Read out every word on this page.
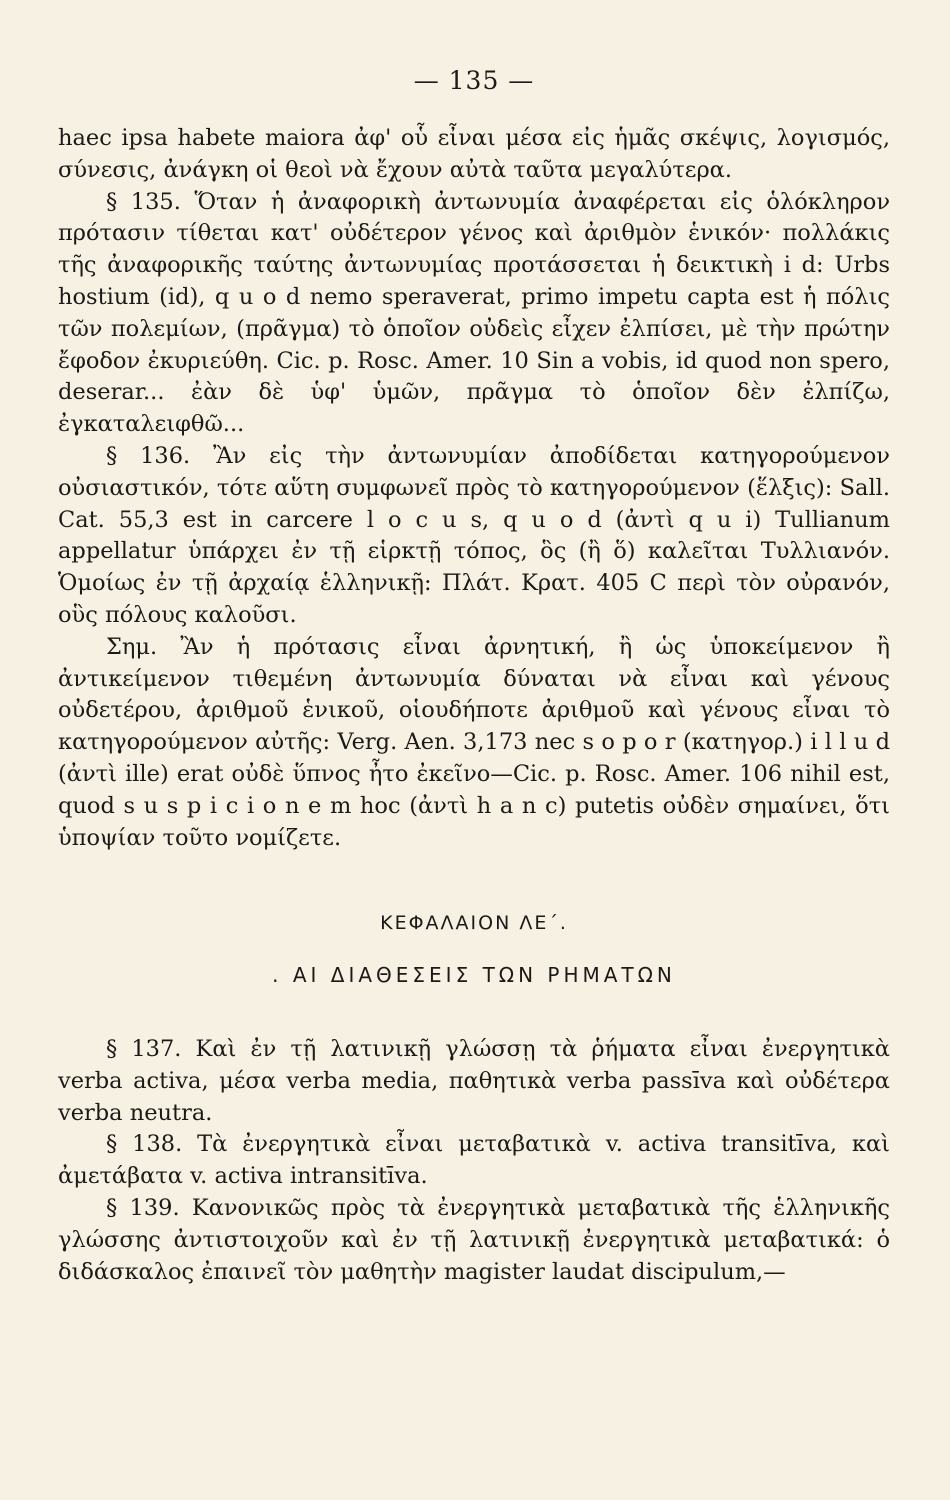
— 135 —

haec ipsa habete maiora ἀφ' οὗ εἶναι μέσα εἰς ἡμᾶς σκέψις, λογισμός, σύνεσις, ἀνάγκη οἱ θεοὶ νὰ ἔχουν αὐτὰ ταῦτα μεγαλύτερα.

§ 135. Ὅταν ἡ ἀναφορικὴ ἀντωνυμία ἀναφέρεται εἰς ὁλόκληρον πρότασιν τίθεται κατ' οὐδέτερον γένος καὶ ἀριθμὸν ἑνικόν· πολλάκις τῆς ἀναφορικῆς ταύτης ἀντωνυμίας προτάσσεται ἡ δεικτικὴ i d: Urbs hostium (id), q u o d nemo speraverat, primo impetu capta est ἡ πόλις τῶν πολεμίων, (πρᾶγμα) τὸ ὁποῖον οὐδεὶς εἶχεν ἐλπίσει, μὲ τὴν πρώτην ἔφοδον ἐκυριεύθη. Cic. p. Rosc. Amer. 10 Sin a vobis, id quod non spero, deserar... ἐὰν δὲ ὑφ' ὑμῶν, πρᾶγμα τὸ ὁποῖον δὲν ἐλπίζω, ἐγκαταλειφθῶ...

§ 136. Ἂν εἰς τὴν ἀντωνυμίαν ἀποδίδεται κατηγορούμενον οὐσιαστικόν, τότε αὕτη συμφωνεῖ πρὸς τὸ κατηγορούμενον (ἕλξις): Sall. Cat. 55,3 est in carcere l o c u s, q u o d (ἀντὶ q u i) Tullianum appellatur ὑπάρχει ἐν τῇ εἱρκτῇ τόπος, ὃς (ἢ ὅ) καλεῖται Τυλλιανόν. Ὁμοίως ἐν τῇ ἀρχαίᾳ ἑλληνικῇ: Πλάτ. Κρατ. 405 C περὶ τὸν οὐρανόν, οὓς πόλους καλοῦσι.

Σημ. Ἂν ἡ πρότασις εἶναι ἀρνητική, ἢ ὡς ὑποκείμενον ἢ ἀντικείμενον τιθεμένη ἀντωνυμία δύναται νὰ εἶναι καὶ γένους οὐδετέρου, ἀριθμοῦ ἑνικοῦ, οἱουδήποτε ἀριθμοῦ καὶ γένους εἶναι τὸ κατηγορούμενον αὐτῆς: Verg. Aen. 3,173 nec s o p o r (κατηγορ.) i l l u d (ἀντὶ ille) erat οὐδὲ ὕπνος ἦτο ἐκεῖνο—Cic. p. Rosc. Amer. 106 nihil est, quod s u s p i c i o n e m hoc (ἀντὶ h a n c) putetis οὐδὲν σημαίνει, ὅτι ὑποψίαν τοῦτο νομίζετε.

ΚΕΦΑΛΑΙΟΝ ΛΕ΄.
. ΑΙ ΔΙΑΘΕΣΕΙΣ ΤΩΝ ΡΗΜΑΤΩΝ

§ 137. Καὶ ἐν τῇ λατινικῇ γλώσσῃ τὰ ῥήματα εἶναι ἐνεργητικὰ verba activa, μέσα verba media, παθητικὰ verba passīva καὶ οὐδέτερα verba neutra.

§ 138. Τὰ ἐνεργητικὰ εἶναι μεταβατικὰ v. activa transitīva, καὶ ἀμετάβατα v. activa intransitīva.

§ 139. Κανονικῶς πρὸς τὰ ἐνεργητικὰ μεταβατικὰ τῆς ἑλληνικῆς γλώσσης ἀντιστοιχοῦν καὶ ἐν τῇ λατινικῇ ἐνεργητικὰ μεταβατικά: ὁ διδάσκαλος ἐπαινεῖ τὸν μαθητὴν magister laudat discipulum,—
